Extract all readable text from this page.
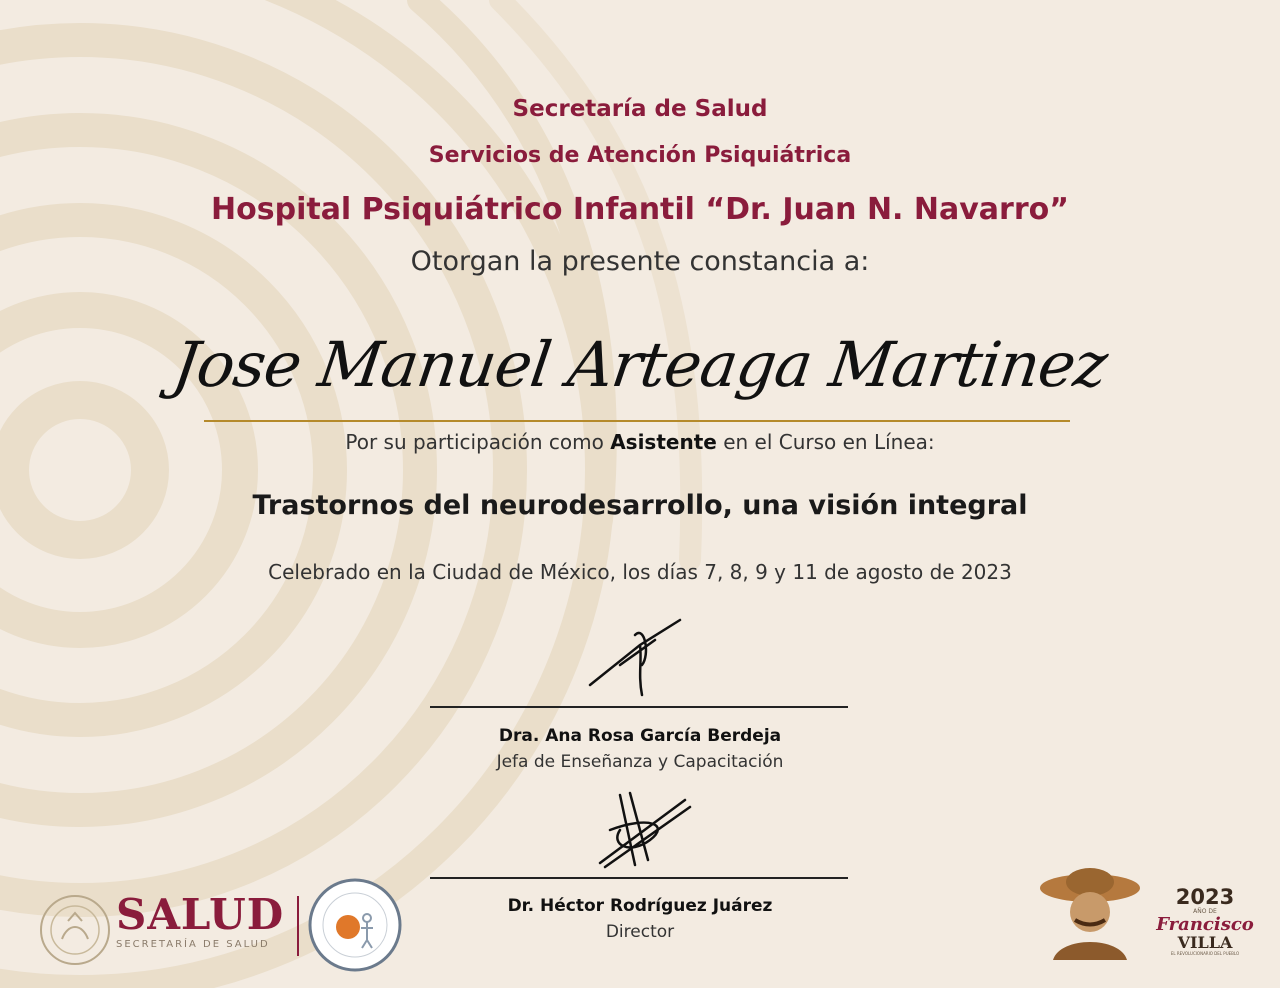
Secretaría de Salud
Servicios de Atención Psiquiátrica
Hospital Psiquiátrico Infantil “Dr. Juan N. Navarro”
Otorgan la presente constancia a:
Jose Manuel Arteaga Martinez
Por su participación como Asistente en el Curso en Línea:
Trastornos del neurodesarrollo, una visión integral
Celebrado en la Ciudad de México, los días 7, 8, 9 y 11 de agosto de 2023
Dra. Ana Rosa García Berdeja
Jefa de Enseñanza y Capacitación
Dr. Héctor Rodríguez Juárez
Director
SALUD
SECRETARÍA DE SALUD
2023
AÑO DE
Francisco
VILLA
EL REVOLUCIONARIO DEL PUEBLO
